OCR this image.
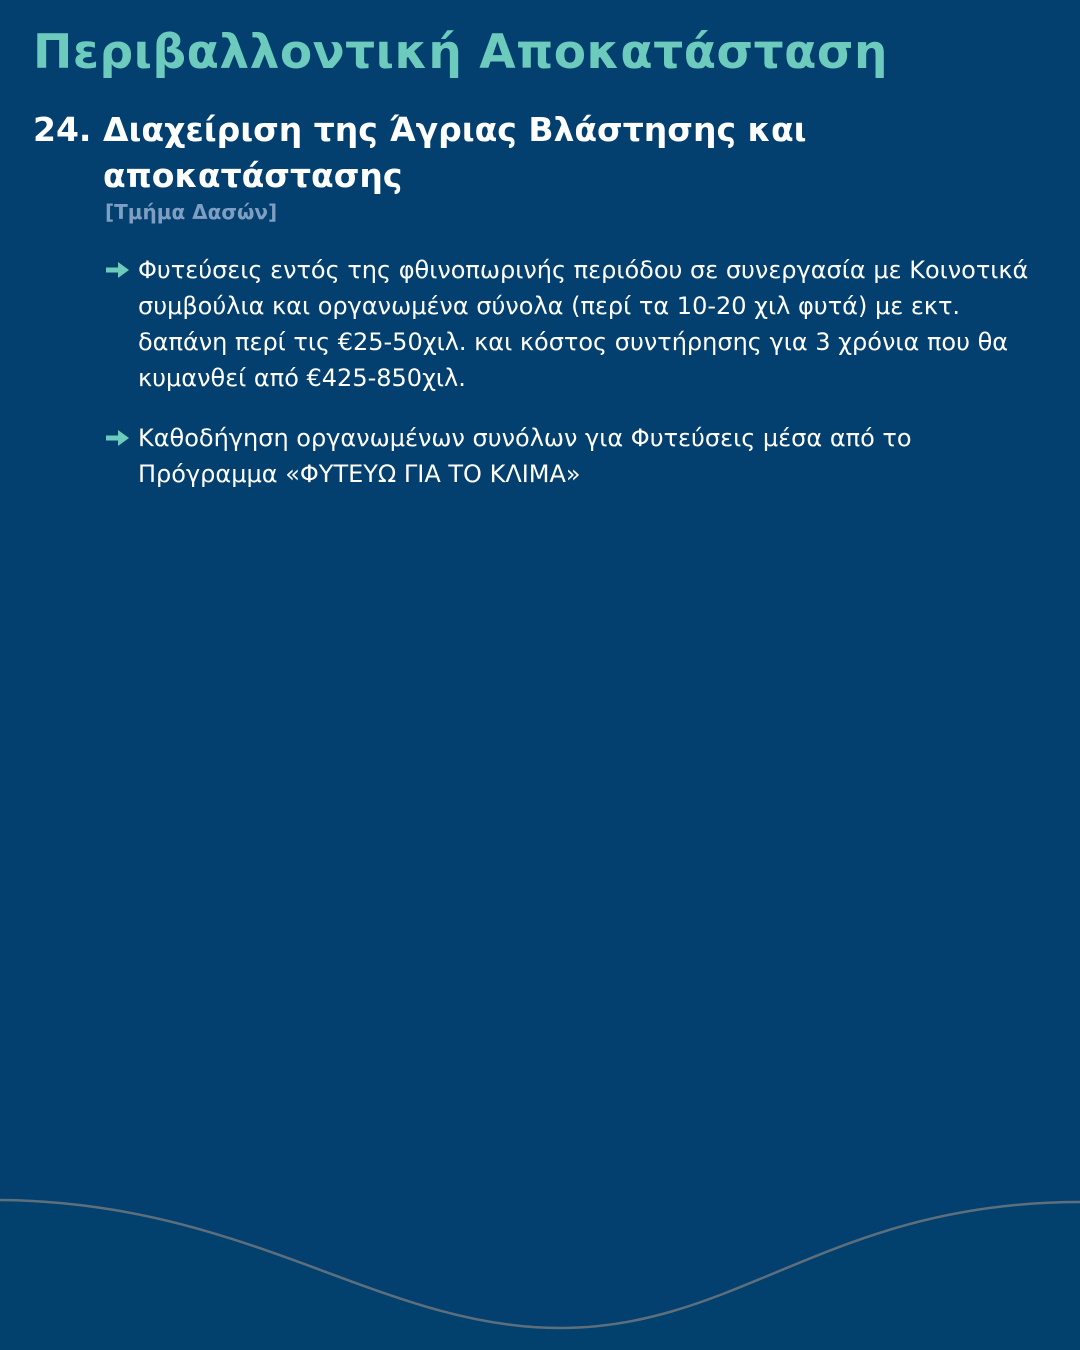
Περιβαλλοντική Αποκατάσταση
24. Διαχείριση της Άγριας Βλάστησης και
αποκατάστασης

[Τμήμα Δασών]

Φυτεύσεις εντός της φθινοπωρινής περιόδου σε συνεργασία με Κοινοτικά συμβούλια και οργανωμένα σύνολα (περί τα 10-20 χιλ φυτά) με εκτ. δαπάνη περί τις €25-50χιλ. και κόστος συντήρησης για 3 χρόνια που θα κυμανθεί από €425-850χιλ.
Καθοδήγηση οργανωμένων συνόλων για Φυτεύσεις μέσα από το Πρόγραμμα «ΦΥΤΕΥΩ ΓΙΑ ΤΟ ΚΛΙΜΑ»
